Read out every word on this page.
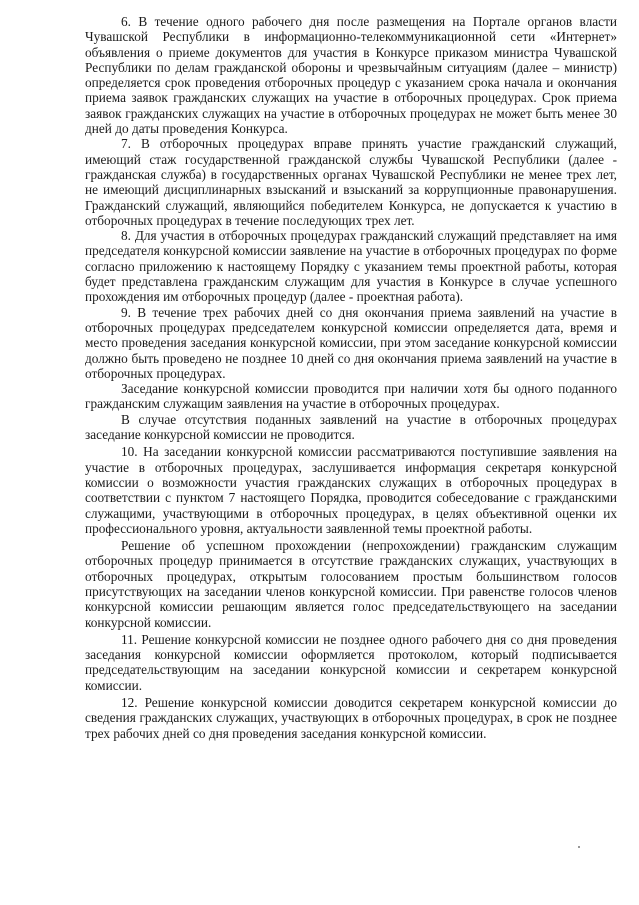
6. В течение одного рабочего дня после размещения на Портале органов власти Чувашской Республики в информационно-телекоммуникационной сети «Интернет» объявления о приеме документов для участия в Конкурсе приказом министра Чувашской Республики по делам гражданской обороны и чрезвычайным ситуациям (далее – министр) определяется срок проведения отборочных процедур с указанием срока начала и окончания приема заявок гражданских служащих на участие в отборочных процедурах. Срок приема заявок гражданских служащих на участие в отборочных процедурах не может быть менее 30 дней до даты проведения Конкурса.

7. В отборочных процедурах вправе принять участие гражданский служащий, имеющий стаж государственной гражданской службы Чувашской Республики (далее - гражданская служба) в государственных органах Чувашской Республики не менее трех лет, не имеющий дисциплинарных взысканий и взысканий за коррупционные правонарушения. Гражданский служащий, являющийся победителем Конкурса, не допускается к участию в отборочных процедурах в течение последующих трех лет.

8. Для участия в отборочных процедурах гражданский служащий представляет на имя председателя конкурсной комиссии заявление на участие в отборочных процедурах по форме согласно приложению к настоящему Порядку с указанием темы проектной работы, которая будет представлена гражданским служащим для участия в Конкурсе в случае успешного прохождения им отборочных процедур (далее - проектная работа).

9. В течение трех рабочих дней со дня окончания приема заявлений на участие в отборочных процедурах председателем конкурсной комиссии определяется дата, время и место проведения заседания конкурсной комиссии, при этом заседание конкурсной комиссии должно быть проведено не позднее 10 дней со дня окончания приема заявлений на участие в отборочных процедурах.

Заседание конкурсной комиссии проводится при наличии хотя бы одного поданного гражданским служащим заявления на участие в отборочных процедурах.

В случае отсутствия поданных заявлений на участие в отборочных процедурах заседание конкурсной комиссии не проводится.

10. На заседании конкурсной комиссии рассматриваются поступившие заявления на участие в отборочных процедурах, заслушивается информация секретаря конкурсной комиссии о возможности участия гражданских служащих в отборочных процедурах в соответствии с пунктом 7 настоящего Порядка, проводится собеседование с гражданскими служащими, участвующими в отборочных процедурах, в целях объективной оценки их профессионального уровня, актуальности заявленной темы проектной работы.

Решение об успешном прохождении (непрохождении) гражданским служащим отборочных процедур принимается в отсутствие гражданских служащих, участвующих в отборочных процедурах, открытым голосованием простым большинством голосов присутствующих на заседании членов конкурсной комиссии. При равенстве голосов членов конкурсной комиссии решающим является голос председательствующего на заседании конкурсной комиссии.

11. Решение конкурсной комиссии не позднее одного рабочего дня со дня проведения заседания конкурсной комиссии оформляется протоколом, который подписывается председательствующим на заседании конкурсной комиссии и секретарем конкурсной комиссии.

12. Решение конкурсной комиссии доводится секретарем конкурсной комиссии до сведения гражданских служащих, участвующих в отборочных процедурах, в срок не позднее трех рабочих дней со дня проведения заседания конкурсной комиссии.
